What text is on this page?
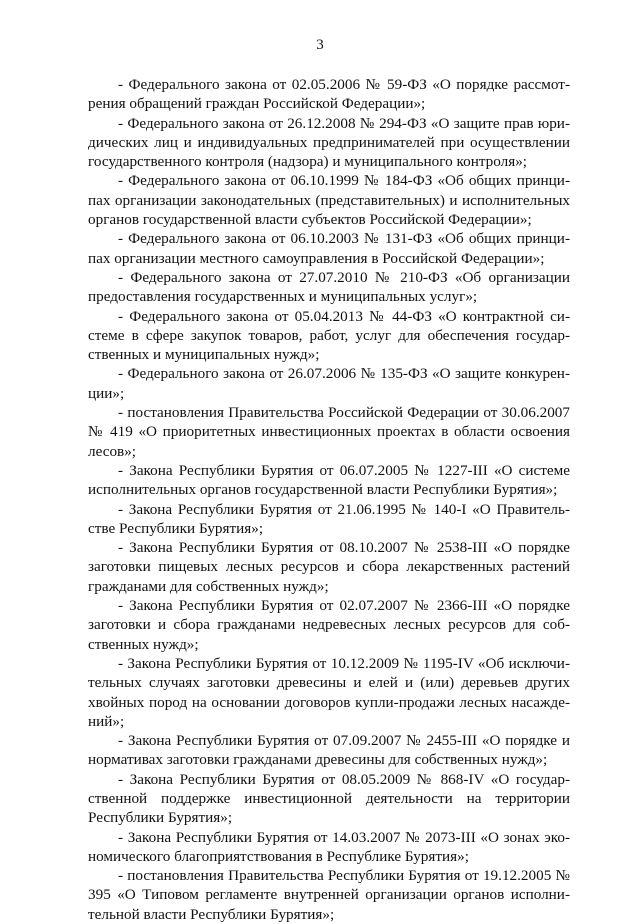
3

- Федерального закона от 02.05.2006 № 59-ФЗ «О порядке рассмотрения обращений граждан Российской Федерации»;

- Федерального закона от 26.12.2008 № 294-ФЗ «О защите прав юридических лиц и индивидуальных предпринимателей при осуществлении государственного контроля (надзора) и муниципального контроля»;

- Федерального закона от 06.10.1999 № 184-ФЗ «Об общих принципах организации законодательных (представительных) и исполнительных органов государственной власти субъектов Российской Федерации»;

- Федерального закона от 06.10.2003 № 131-ФЗ «Об общих принципах организации местного самоуправления в Российской Федерации»;

- Федерального закона от 27.07.2010 № 210-ФЗ «Об организации предоставления государственных и муниципальных услуг»;

- Федерального закона от 05.04.2013 № 44-ФЗ «О контрактной системе в сфере закупок товаров, работ, услуг для обеспечения государственных и муниципальных нужд»;

- Федерального закона от 26.07.2006 № 135-ФЗ «О защите конкуренции»;

- постановления Правительства Российской Федерации от 30.06.2007 № 419 «О приоритетных инвестиционных проектах в области освоения лесов»;

- Закона Республики Бурятия от 06.07.2005 № 1227-III «О системе исполнительных органов государственной власти Республики Бурятия»;

- Закона Республики Бурятия от 21.06.1995 № 140-I «О Правительстве Республики Бурятия»;

- Закона Республики Бурятия от 08.10.2007 № 2538-III «О порядке заготовки пищевых лесных ресурсов и сбора лекарственных растений гражданами для собственных нужд»;

- Закона Республики Бурятия от 02.07.2007 № 2366-III «О порядке заготовки и сбора гражданами недревесных лесных ресурсов для собственных нужд»;

- Закона Республики Бурятия от 10.12.2009 № 1195-IV «Об исключительных случаях заготовки древесины и елей и (или) деревьев других хвойных пород на основании договоров купли-продажи лесных насаждений»;

- Закона Республики Бурятия от 07.09.2007 № 2455-III «О порядке и нормативах заготовки гражданами древесины для собственных нужд»;

- Закона Республики Бурятия от 08.05.2009 № 868-IV «О государственной поддержке инвестиционной деятельности на территории Республики Бурятия»;

- Закона Республики Бурятия от 14.03.2007 № 2073-III «О зонах экономического благоприятствования в Республике Бурятия»;

- постановления Правительства Республики Бурятия от 19.12.2005 № 395 «О Типовом регламенте внутренней организации органов исполнительной власти Республики Бурятия»;
